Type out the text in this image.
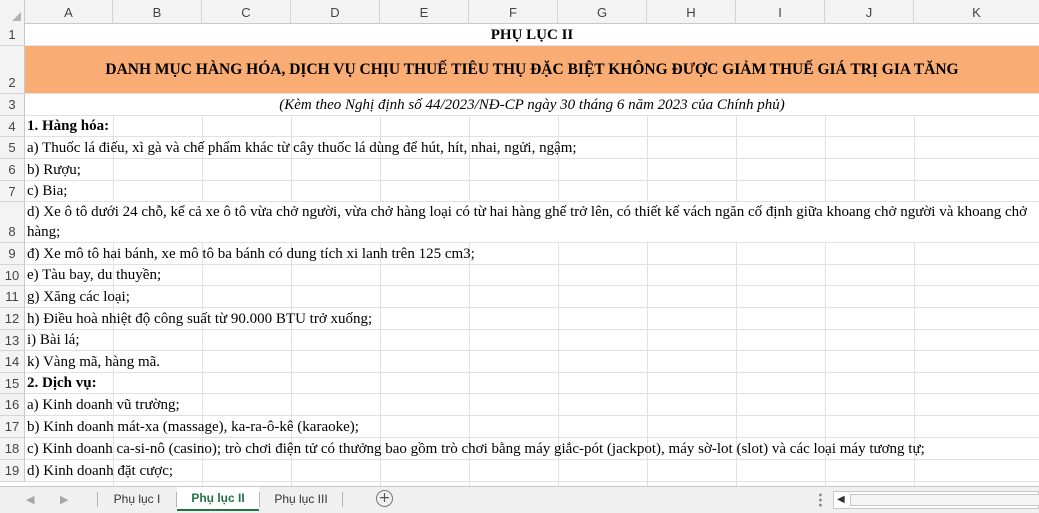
A	B	C	D	E	F	G	H	I	J	K
1
2
3
4
5
6
7
8
9
10
11
12
13
14
15
16
17
18
19
PHỤ LỤC II
DANH MỤC HÀNG HÓA, DỊCH VỤ CHỊU THUẾ TIÊU THỤ ĐẶC BIỆT KHÔNG ĐƯỢC GIẢM THUẾ GIÁ TRỊ GIA TĂNG
(Kèm theo Nghị định số 44/2023/NĐ-CP ngày 30 tháng 6 năm 2023 của Chính phủ)
1. Hàng hóa:
a) Thuốc lá điếu, xì gà và chế phẩm khác từ cây thuốc lá dùng để hút, hít, nhai, ngửi, ngậm;
b) Rượu;
c) Bia;
d) Xe ô tô dưới 24 chỗ, kể cả xe ô tô vừa chở người, vừa chở hàng loại có từ hai hàng ghế trở lên, có thiết kế vách ngăn cố định giữa khoang chở người và khoang chở hàng;
đ) Xe mô tô hai bánh, xe mô tô ba bánh có dung tích xi lanh trên 125 cm3;
e) Tàu bay, du thuyền;
g) Xăng các loại;
h) Điều hoà nhiệt độ công suất từ 90.000 BTU trở xuống;
i) Bài lá;
k) Vàng mã, hàng mã.
2. Dịch vụ:
a) Kinh doanh vũ trường;
b) Kinh doanh mát-xa (massage), ka-ra-ô-kê (karaoke);
c) Kinh doanh ca-si-nô (casino); trò chơi điện tử có thưởng bao gồm trò chơi bằng máy giắc-pót (jackpot), máy sờ-lot (slot) và các loại máy tương tự;
d) Kinh doanh đặt cược;
◀ ▶	Phụ lục I	Phụ lục II	Phụ lục III	+	• • • ◀
